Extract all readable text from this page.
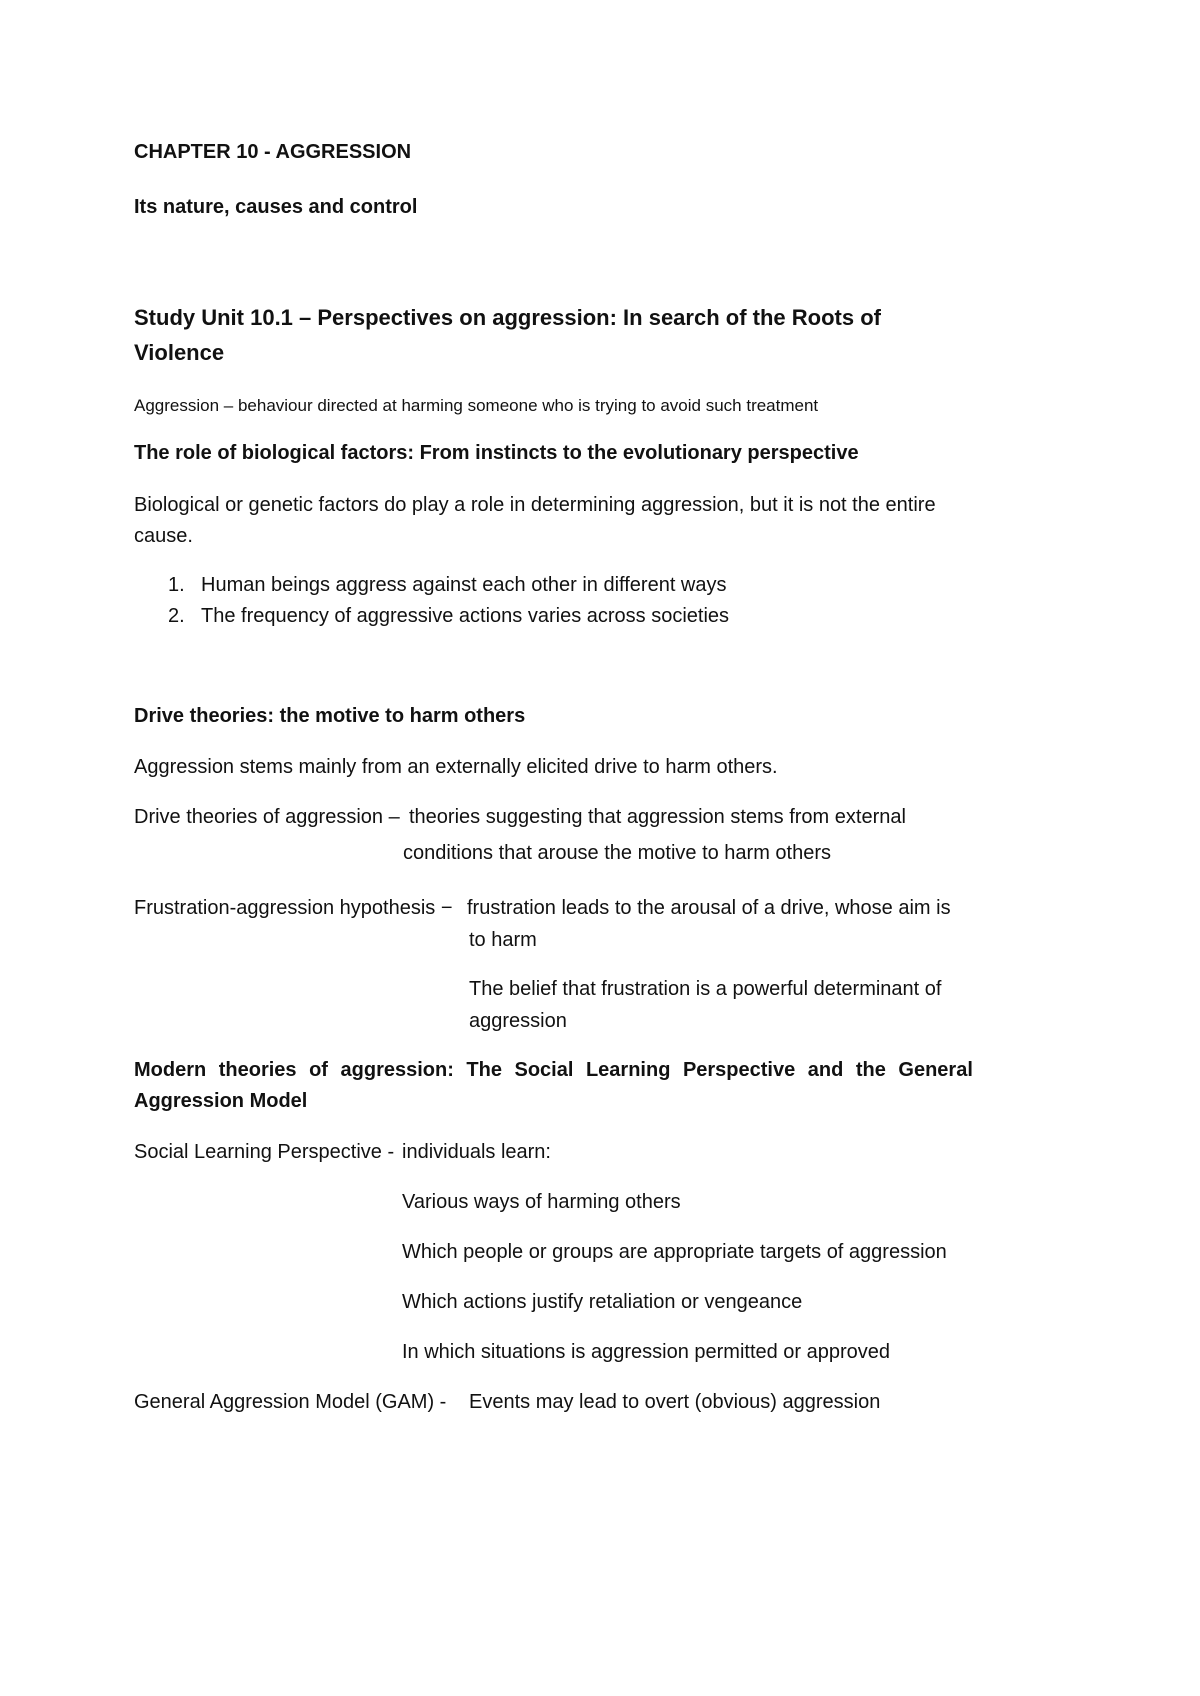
CHAPTER 10 - AGGRESSION
Its nature, causes and control
Study Unit 10.1 – Perspectives on aggression: In search of the Roots of
Violence
Aggression – behaviour directed at harming someone who is trying to avoid such treatment
The role of biological factors: From instincts to the evolutionary perspective
Biological or genetic factors do play a role in determining aggression, but it is not the entire
cause.
1. Human beings aggress against each other in different ways
2. The frequency of aggressive actions varies across societies
Drive theories: the motive to harm others
Aggression stems mainly from an externally elicited drive to harm others.
Drive theories of aggression – theories suggesting that aggression stems from external
conditions that arouse the motive to harm others
Frustration-aggression hypothesis − frustration leads to the arousal of a drive, whose aim is
to harm
The belief that frustration is a powerful determinant of
aggression
Modern theories of aggression: The Social Learning Perspective and the General
Aggression Model
Social Learning Perspective - individuals learn:
Various ways of harming others
Which people or groups are appropriate targets of aggression
Which actions justify retaliation or vengeance
In which situations is aggression permitted or approved
General Aggression Model (GAM) - Events may lead to overt (obvious) aggression
